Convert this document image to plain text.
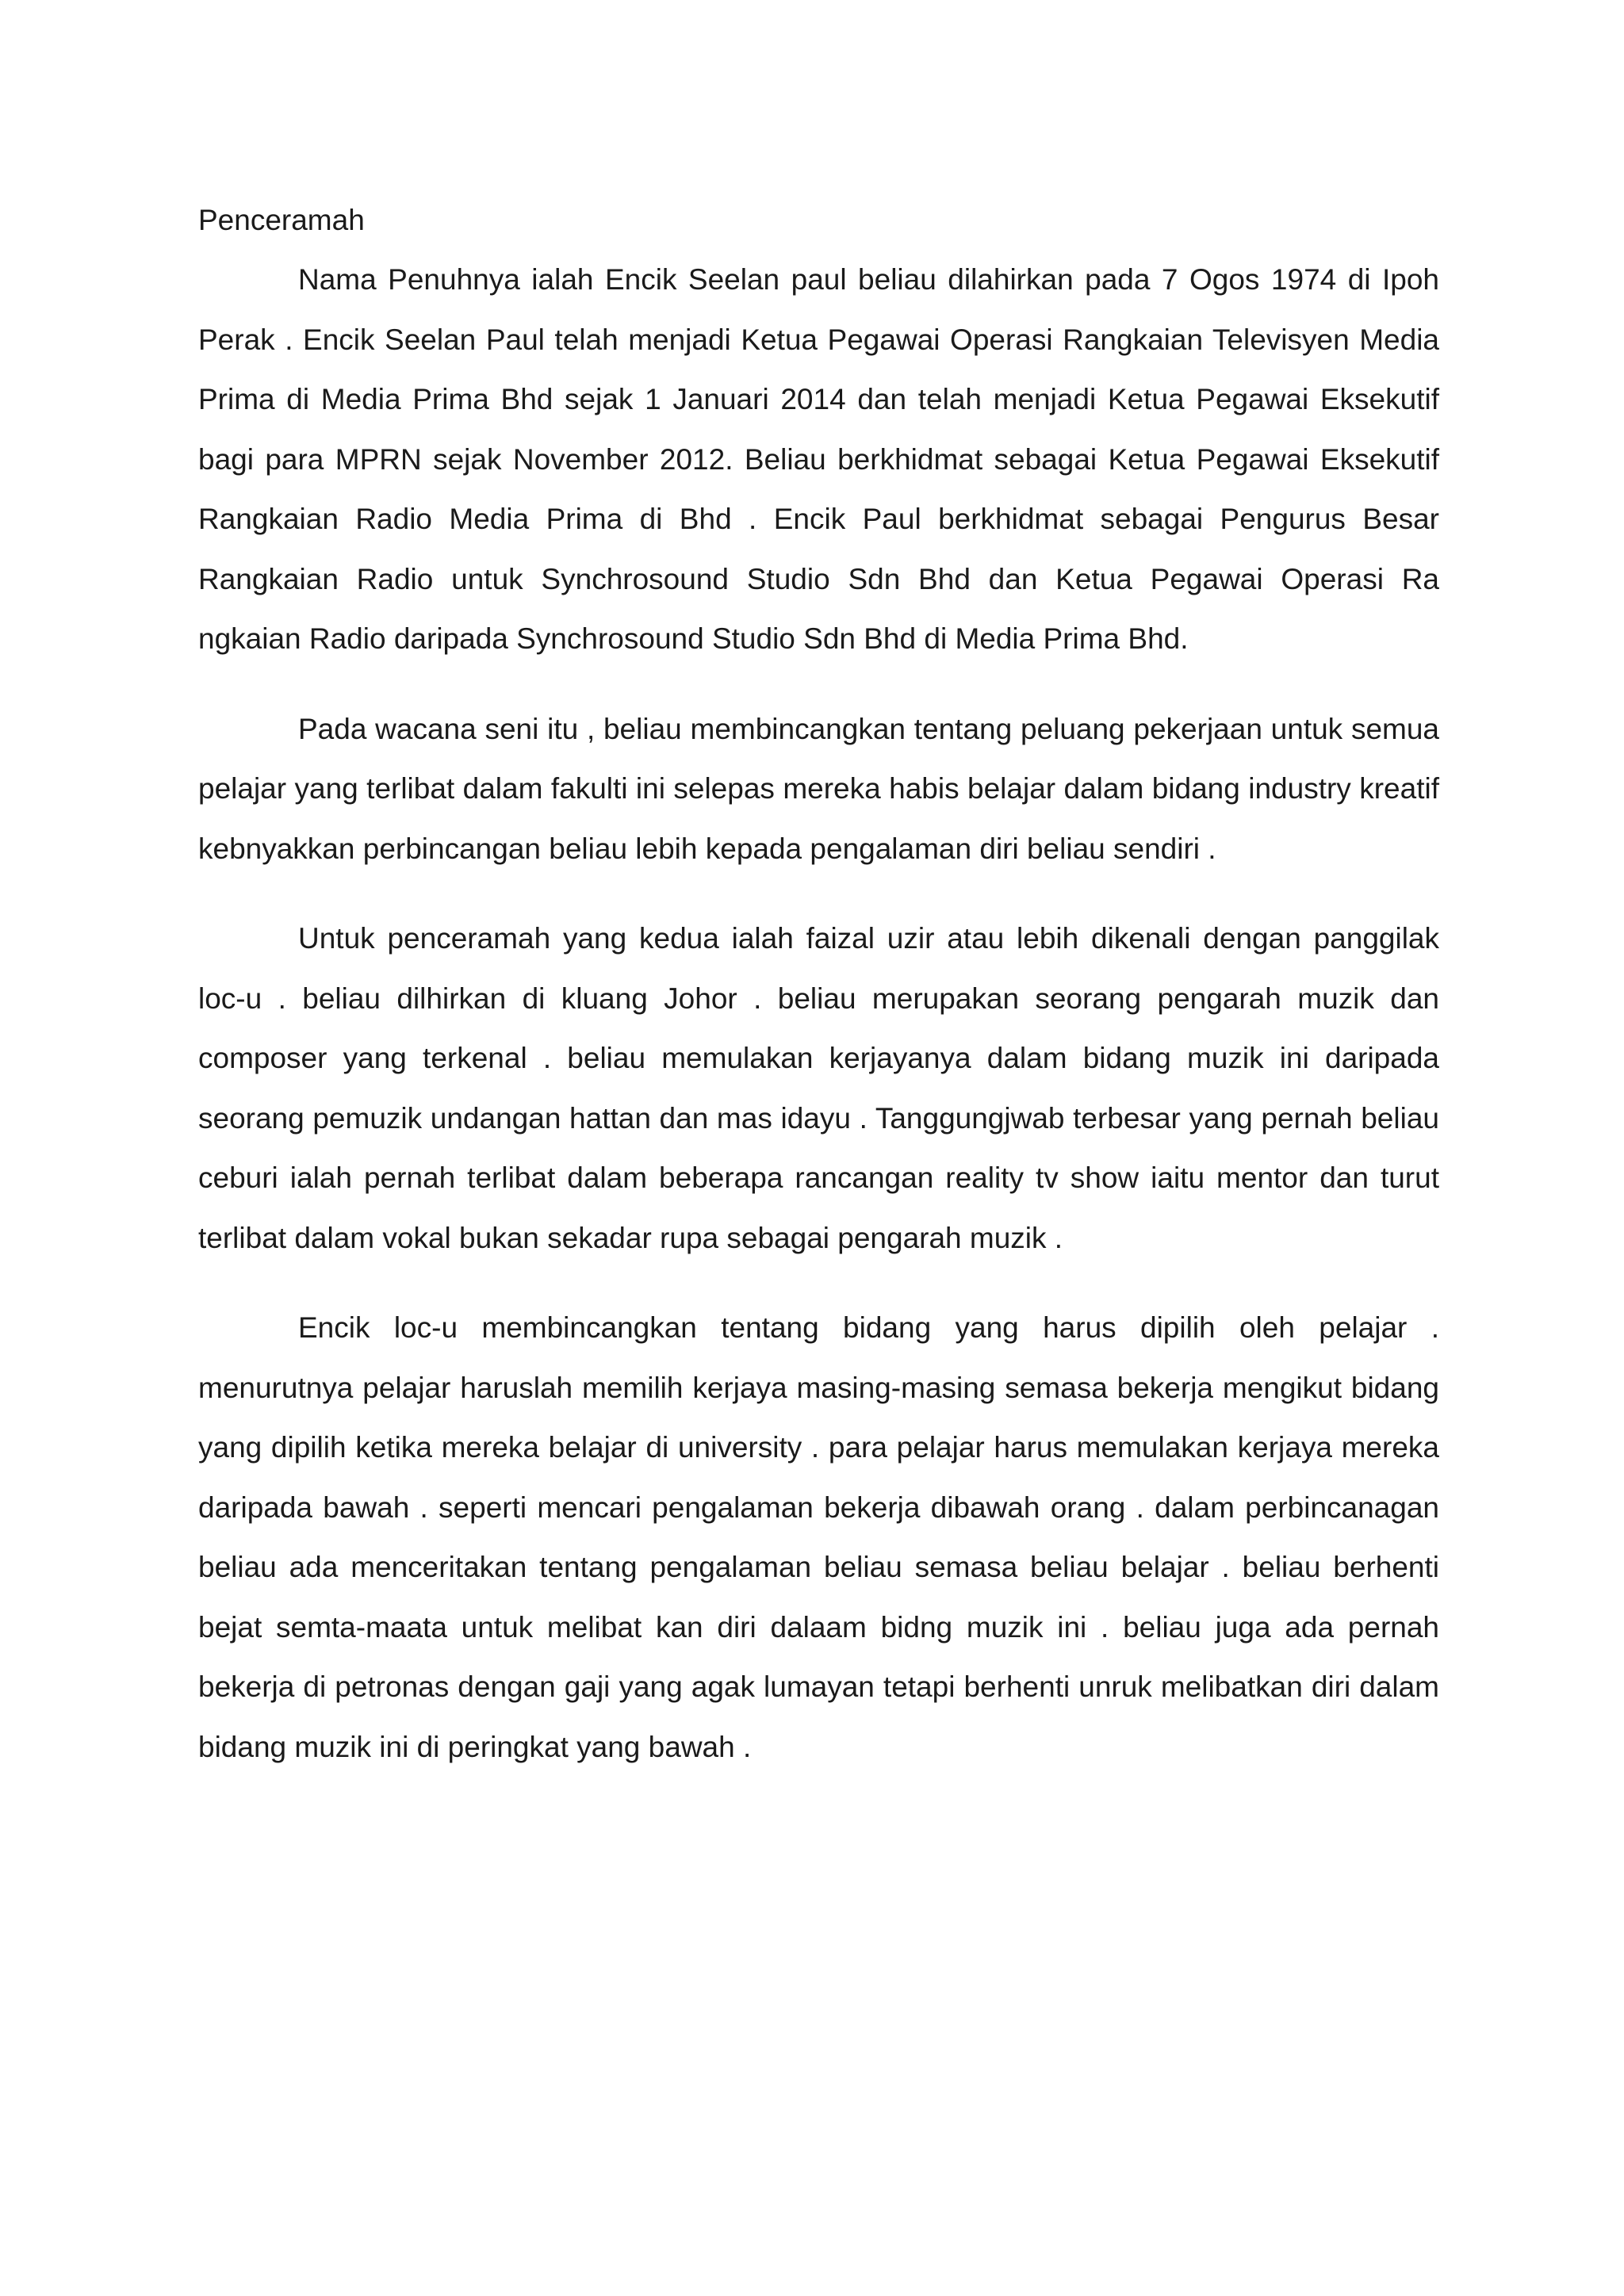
Penceramah

Nama Penuhnya ialah Encik Seelan paul beliau dilahirkan pada 7 Ogos 1974 di Ipoh Perak . Encik Seelan Paul telah menjadi Ketua Pegawai Operasi Rangkaian Televisyen Media Prima di Media Prima Bhd sejak 1 Januari 2014 dan telah menjadi Ketua Pegawai Eksekutif bagi para MPRN sejak November 2012. Beliau berkhidmat sebagai Ketua Pegawai Eksekutif Rangkaian Radio Media Prima di Bhd . Encik Paul berkhidmat sebagai Pengurus Besar Rangkaian Radio untuk Synchrosound Studio Sdn Bhd dan Ketua Pegawai Operasi Ra ngkaian Radio daripada Synchrosound Studio Sdn Bhd di Media Prima Bhd.

Pada wacana seni itu , beliau membincangkan tentang peluang pekerjaan untuk semua pelajar yang terlibat dalam fakulti ini selepas mereka habis belajar dalam bidang industry kreatif kebnyakkan perbincangan beliau lebih kepada pengalaman diri beliau sendiri .

Untuk penceramah yang kedua ialah faizal uzir atau lebih dikenali dengan panggilak loc-u . beliau dilhirkan di kluang Johor . beliau merupakan seorang pengarah muzik dan composer yang terkenal . beliau memulakan kerjayanya dalam bidang muzik ini daripada seorang pemuzik undangan hattan dan mas idayu . Tanggungjwab terbesar yang pernah beliau ceburi ialah pernah terlibat dalam beberapa rancangan reality tv show iaitu mentor dan turut terlibat dalam vokal bukan sekadar rupa sebagai pengarah muzik .

Encik loc-u membincangkan tentang bidang yang harus dipilih oleh pelajar . menurutnya pelajar haruslah memilih kerjaya masing-masing semasa bekerja mengikut bidang yang dipilih ketika mereka belajar di university . para pelajar harus memulakan kerjaya mereka daripada bawah . seperti mencari pengalaman bekerja dibawah orang . dalam perbincanagan beliau ada menceritakan tentang pengalaman beliau semasa beliau belajar . beliau berhenti bejat semta-maata untuk melibat kan diri dalaam bidng muzik ini . beliau juga ada pernah bekerja di petronas dengan gaji yang agak lumayan tetapi berhenti unruk melibatkan diri dalam bidang muzik ini di peringkat yang bawah .
